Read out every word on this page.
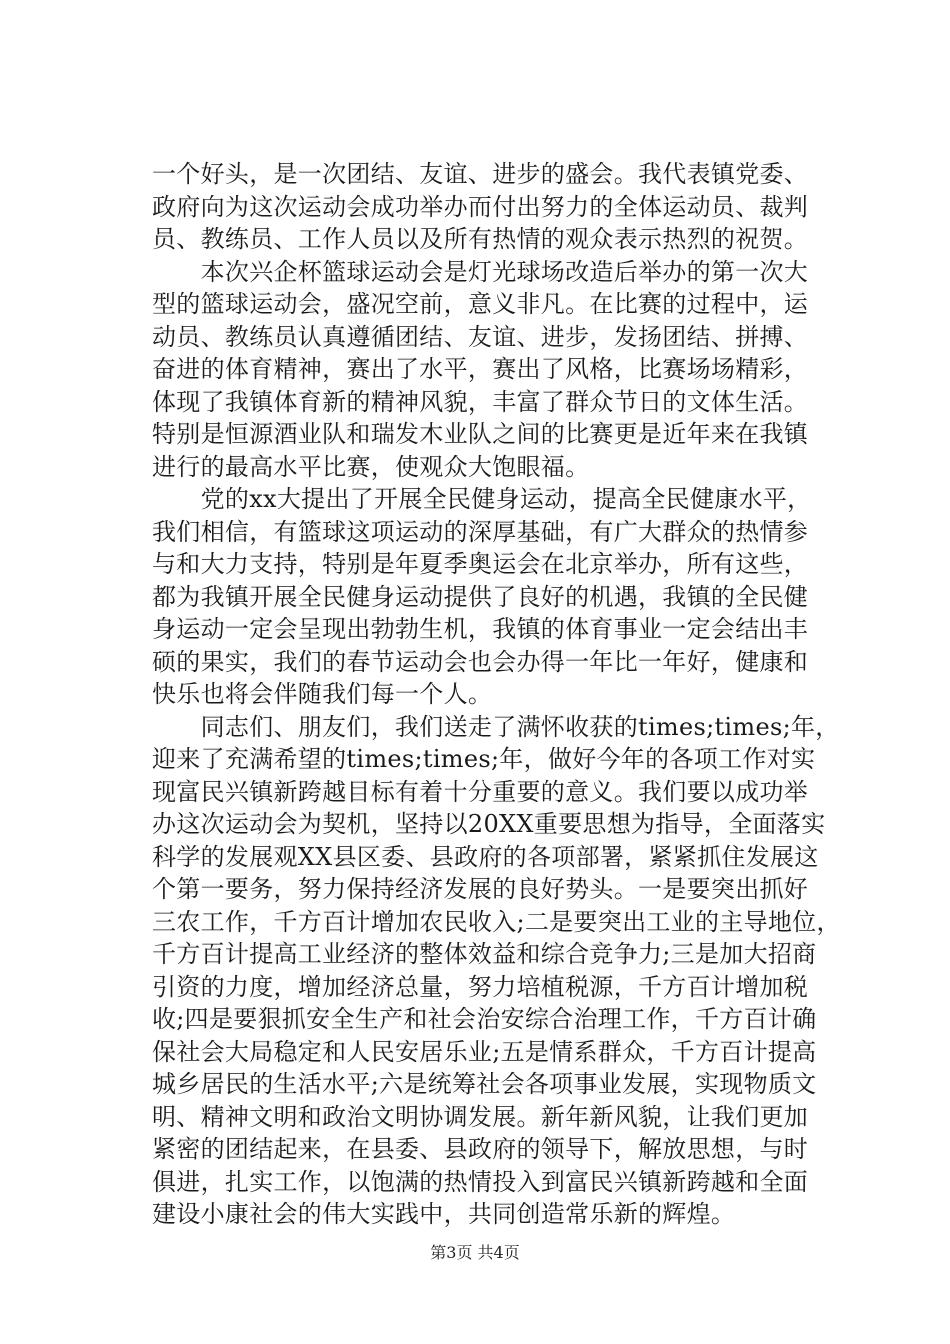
一个好头，是一次团结、友谊、进步的盛会。我代表镇党委、
政府向为这次运动会成功举办而付出努力的全体运动员、裁判
员、教练员、工作人员以及所有热情的观众表示热烈的祝贺。
　　本次兴企杯篮球运动会是灯光球场改造后举办的第一次大
型的篮球运动会，盛况空前，意义非凡。在比赛的过程中，运
动员、教练员认真遵循团结、友谊、进步，发扬团结、拼搏、
奋进的体育精神，赛出了水平，赛出了风格，比赛场场精彩，
体现了我镇体育新的精神风貌，丰富了群众节日的文体生活。
特别是恒源酒业队和瑞发木业队之间的比赛更是近年来在我镇
进行的最高水平比赛，使观众大饱眼福。
　　党的xx大提出了开展全民健身运动，提高全民健康水平，
我们相信，有篮球这项运动的深厚基础，有广大群众的热情参
与和大力支持，特别是年夏季奥运会在北京举办，所有这些，
都为我镇开展全民健身运动提供了良好的机遇，我镇的全民健
身运动一定会呈现出勃勃生机，我镇的体育事业一定会结出丰
硕的果实，我们的春节运动会也会办得一年比一年好，健康和
快乐也将会伴随我们每一个人。
　　同志们、朋友们，我们送走了满怀收获的times;times;年，
迎来了充满希望的times;times;年，做好今年的各项工作对实
现富民兴镇新跨越目标有着十分重要的意义。我们要以成功举
办这次运动会为契机，坚持以20XX重要思想为指导，全面落实
科学的发展观XX县区委、县政府的各项部署，紧紧抓住发展这
个第一要务，努力保持经济发展的良好势头。一是要突出抓好
三农工作，千方百计增加农民收入;二是要突出工业的主导地位，
千方百计提高工业经济的整体效益和综合竞争力;三是加大招商
引资的力度，增加经济总量，努力培植税源，千方百计增加税
收;四是要狠抓安全生产和社会治安综合治理工作，千方百计确
保社会大局稳定和人民安居乐业;五是情系群众，千方百计提高
城乡居民的生活水平;六是统筹社会各项事业发展，实现物质文
明、精神文明和政治文明协调发展。新年新风貌，让我们更加
紧密的团结起来，在县委、县政府的领导下，解放思想，与时
俱进，扎实工作，以饱满的热情投入到富民兴镇新跨越和全面
建设小康社会的伟大实践中，共同创造常乐新的辉煌。
第3页 共4页
